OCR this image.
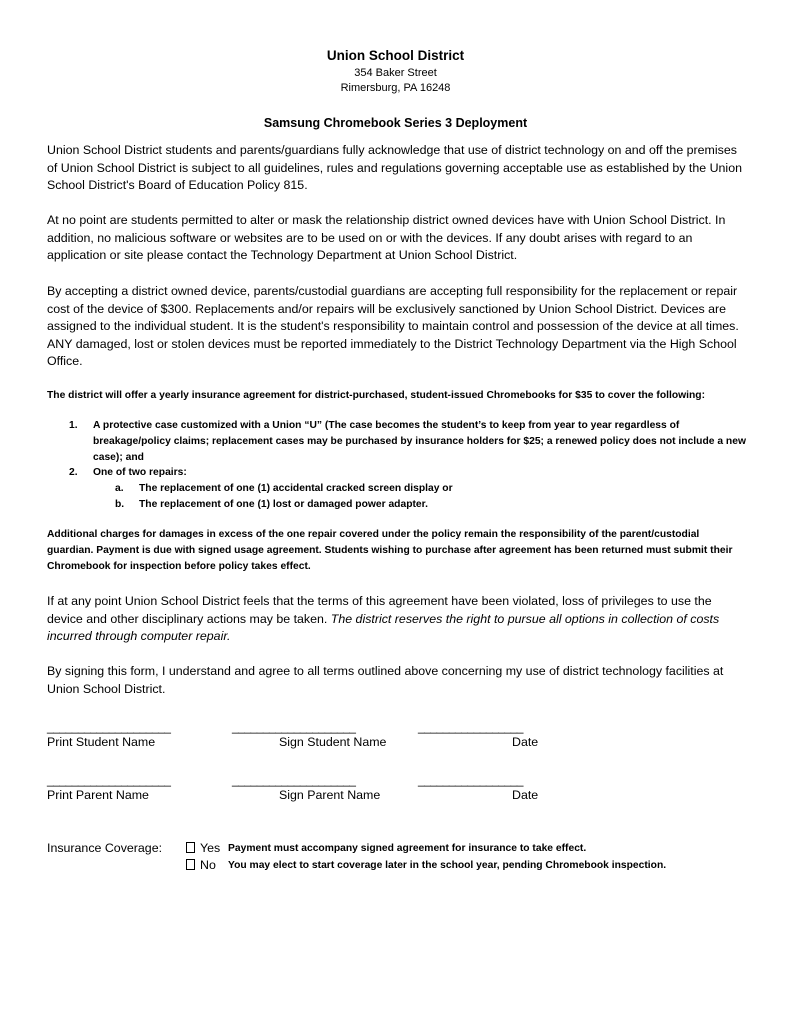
Union School District
354 Baker Street
Rimersburg, PA 16248
Samsung Chromebook Series 3 Deployment

Union School District students and parents/guardians fully acknowledge that use of district technology on and off the premises of Union School District is subject to all guidelines, rules and regulations governing acceptable use as established by the Union School District's Board of Education Policy 815.

At no point are students permitted to alter or mask the relationship district owned devices have with Union School District. In addition, no malicious software or websites are to be used on or with the devices. If any doubt arises with regard to an application or site please contact the Technology Department at Union School District.

By accepting a district owned device, parents/custodial guardians are accepting full responsibility for the replacement or repair cost of the device of $300. Replacements and/or repairs will be exclusively sanctioned by Union School District. Devices are assigned to the individual student. It is the student's responsibility to maintain control and possession of the device at all times. ANY damaged, lost or stolen devices must be reported immediately to the District Technology Department via the High School Office.

The district will offer a yearly insurance agreement for district-purchased, student-issued Chromebooks for $35 to cover the following:

1. A protective case customized with a Union “U” (The case becomes the student’s to keep from year to year regardless of breakage/policy claims; replacement cases may be purchased by insurance holders for $25; a renewed policy does not include a new case); and
2. One of two repairs:
a. The replacement of one (1) accidental cracked screen display or
b. The replacement of one (1) lost or damaged power adapter.

Additional charges for damages in excess of the one repair covered under the policy remain the responsibility of the parent/custodial guardian. Payment is due with signed usage agreement. Students wishing to purchase after agreement has been returned must submit their Chromebook for inspection before policy takes effect.

If at any point Union School District feels that the terms of this agreement have been violated, loss of privileges to use the device and other disciplinary actions may be taken. The district reserves the right to pursue all options in collection of costs incurred through computer repair.

By signing this form, I understand and agree to all terms outlined above concerning my use of district technology facilities at Union School District.

____________________	____________________	_________________
Print Student Name	Sign Student Name	Date
____________________	____________________	_________________
Print Parent Name	Sign Parent Name	Date
Insurance Coverage:	Yes Payment must accompany signed agreement for insurance to take effect.
No You may elect to start coverage later in the school year, pending Chromebook inspection.
